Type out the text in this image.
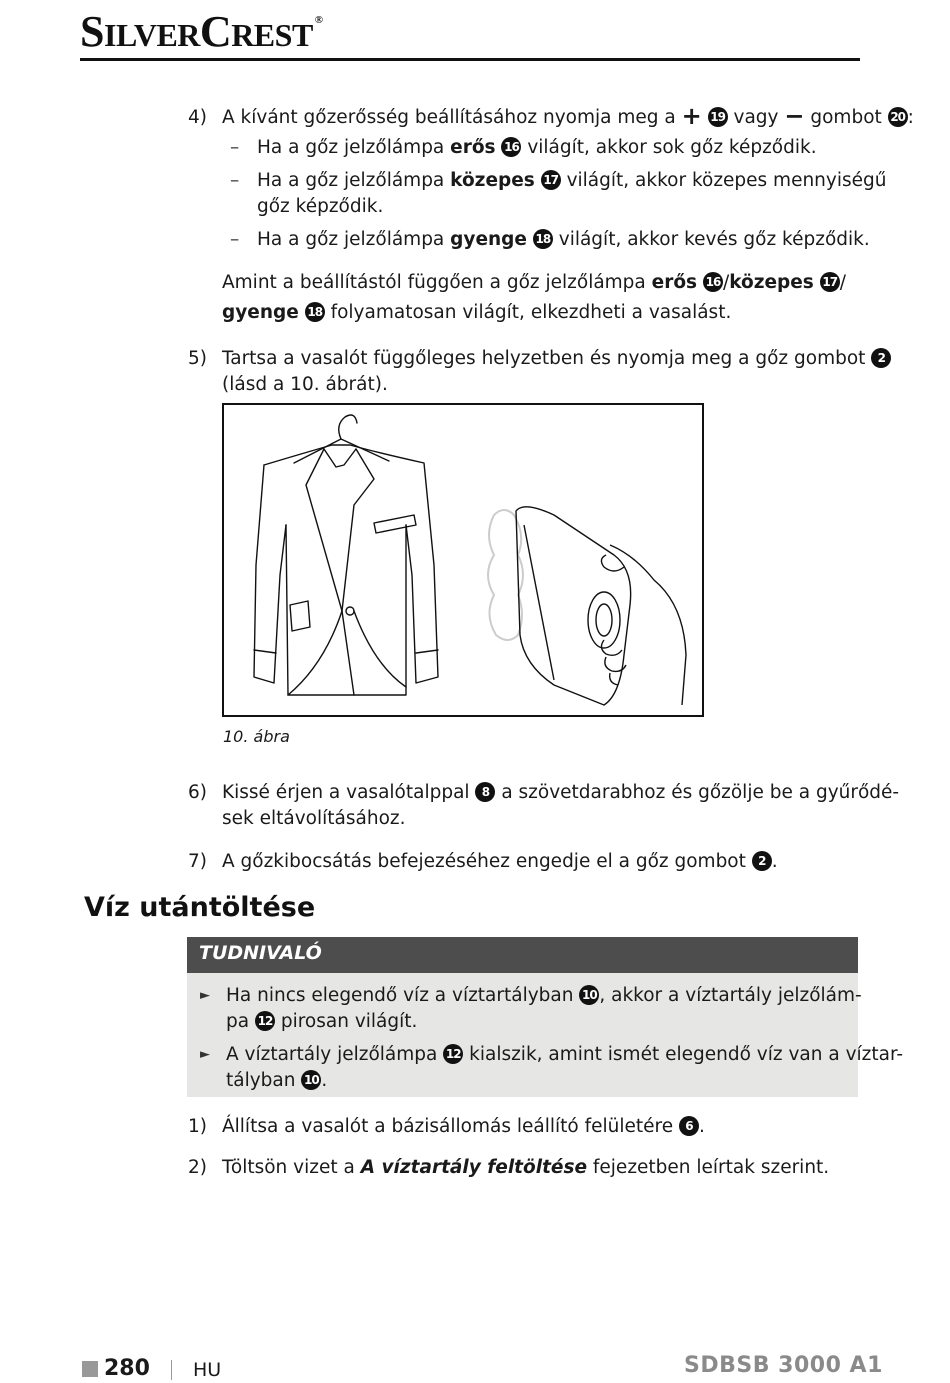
SILVERCREST ®
4) A kívánt gőzerősség beállításához nyomja meg a + 19 vagy − gombot 20 :
– Ha a gőz jelzőlámpa erős 16 világít, akkor sok gőz képződik.
– Ha a gőz jelzőlámpa közepes 17 világít, akkor közepes mennyiségű
gőz képződik.
– Ha a gőz jelzőlámpa gyenge 18 világít, akkor kevés gőz képződik.
Amint a beállítástól függően a gőz jelzőlámpa erős 16 /közepes 17 /
gyenge 18 folyamatosan világít, elkezdheti a vasalást.
5) Tartsa a vasalót függőleges helyzetben és nyomja meg a gőz gombot 2
(lásd a 10. ábrát).
10. ábra
6) Kissé érjen a vasalótalppal 8 a szövetdarabhoz és gőzölje be a gyűrődé-
sek eltávolításához.
7) A gőzkibocsátás befejezéséhez engedje el a gőz gombot 2 .
Víz utántöltése
TUDNIVALÓ
► Ha nincs elegendő víz a víztartályban 10 , akkor a víztartály jelzőlám-
pa 12 pirosan világít.
► A víztartály jelzőlámpa 12 kialszik, amint ismét elegendő víz van a víztar-
tályban 10 .
1) Állítsa a vasalót a bázisállomás leállító felületére 6 .
2) Töltsön vizet a A víztartály feltöltése fejezetben leírtak szerint.
280 HU	SDBSB 3000 A1
